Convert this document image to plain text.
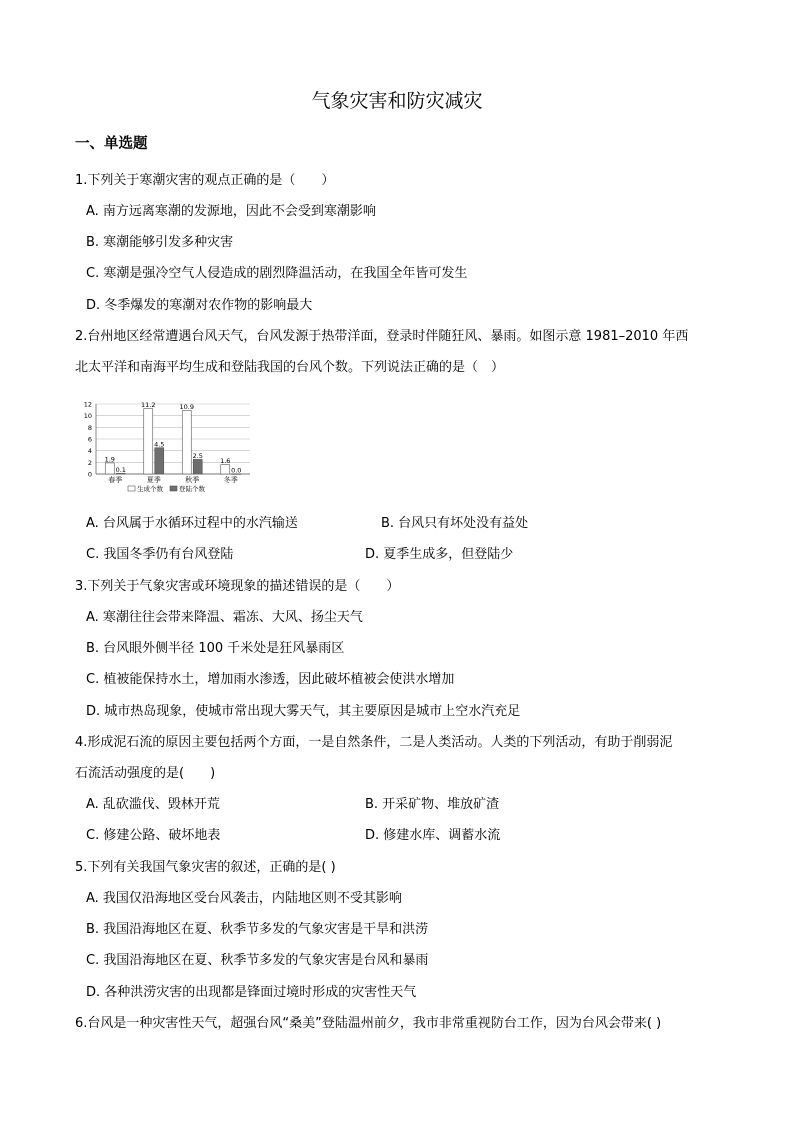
气象灾害和防灾减灾
一、单选题
1.下列关于寒潮灾害的观点正确的是（　　）
A. 南方远离寒潮的发源地，因此不会受到寒潮影响
B. 寒潮能够引发多种灾害
C. 寒潮是强冷空气人侵造成的剧烈降温活动，在我国全年皆可发生
D. 冬季爆发的寒潮对农作物的影响最大
2.台州地区经常遭遇台风天气，台风发源于热带洋面，登录时伴随狂风、暴雨。如图示意 1981–2010 年西
北太平洋和南海平均生成和登陆我国的台风个数。下列说法正确的是（　）
0
2
4
6
8
10
12
1.9
0.1
春季
11.2
4.5
夏季
10.9
2.5
秋季
1.6
0.0
冬季
生成个数 登陆个数
A. 台风属于水循环过程中的水汽输送	B. 台风只有坏处没有益处
C. 我国冬季仍有台风登陆	D. 夏季生成多，但登陆少
3.下列关于气象灾害或环境现象的描述错误的是（　　）
A. 寒潮往往会带来降温、霜冻、大风、扬尘天气
B. 台风眼外侧半径 100 千米处是狂风暴雨区
C. 植被能保持水土，增加雨水渗透，因此破坏植被会使洪水增加
D. 城市热岛现象，使城市常出现大雾天气，其主要原因是城市上空水汽充足
4.形成泥石流的原因主要包括两个方面，一是自然条件，二是人类活动。人类的下列活动，有助于削弱泥
石流活动强度的是(　　)
A. 乱砍滥伐、毁林开荒	B. 开采矿物、堆放矿渣
C. 修建公路、破坏地表	D. 修建水库、调蓄水流
5.下列有关我国气象灾害的叙述，正确的是( )
A. 我国仅沿海地区受台风袭击，内陆地区则不受其影响
B. 我国沿海地区在夏、秋季节多发的气象灾害是干旱和洪涝
C. 我国沿海地区在夏、秋季节多发的气象灾害是台风和暴雨
D. 各种洪涝灾害的出现都是锋面过境时形成的灾害性天气
6.台风是一种灾害性天气，超强台风“桑美”登陆温州前夕，我市非常重视防台工作，因为台风会带来( )
